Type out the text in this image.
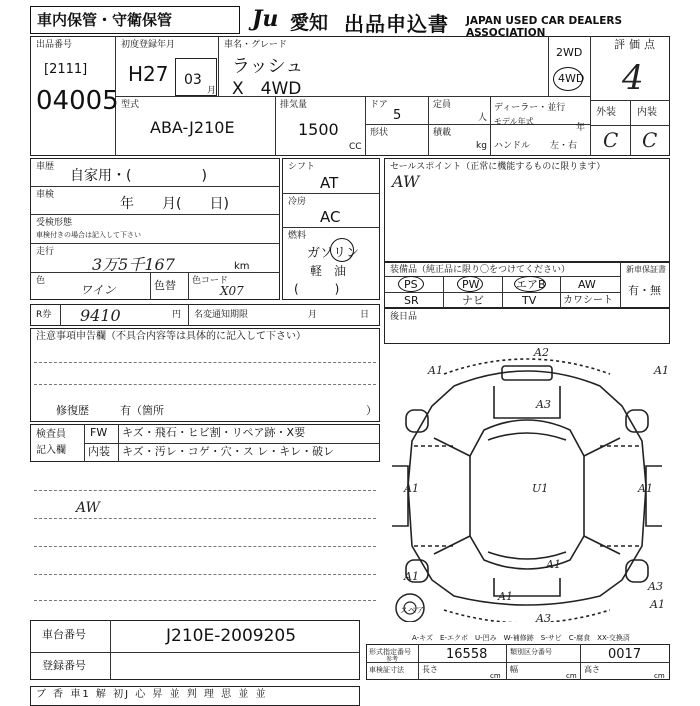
車内保管・守衛保管	Ju 愛知 出品申込書 JAPAN USED CAR DEALERS ASSOCIATION
出品番号
[2111]
04005
初度登録年月
H27 03
月
車名・グレード
ラッシュ
X　4WD
2WD
4WD
評価点
4
外装 内装
C C
型式
ABA-J210E
排気量
1500
CC
ドア
5
定員
人
形状	積載
kg
ディーラー・並行
モデル年式
年
ハンドル 左・右
車歴
自家用・(　　　　　)
車検
年　　月(　　日)
受検形態
車検付きの場合は記入して下さい
走行
3万5千167	km
色
ワイン	色替 色コード
X07
シフト
AT
冷房
AC
燃料
ガソリン
軽　油
(　　　)
セールスポイント（正常に機能するものに限ります）
AW
装備品（純正品に限り〇をつけてください）
PS	PW	エアB	AW
SR	ナビ	TV	カワシート
新車保証書
有・無
R券 9410	円 名変通知期限	月	日 後日品
注意事項申告欄（不具合内容等は具体的に記入して下さい）
修復歴	有（箇所	）
検査員
記入欄
FW キズ・飛石・ヒビ割・リペア跡・X要
内装 キズ・汚レ・コゲ・穴・ス レ・キレ・破レ
AW
A1	A1
A2
A3
A1	A1
U1
A1
A1
A3
A1
A3
A1
スペア
A-キズ　E-エクボ　U-凹み　W-補修跡　S-サビ　C-腐食　XX-交換済
車台番号	J210E-2009205
登録番号
形式指定番号
参考	16558	類別区分番号	0017
車検証寸法 長さ
cm
幅
cm
高さ
cm
ブ 香 車1 解 初J 心 昇 並 判 理 思 並 並
